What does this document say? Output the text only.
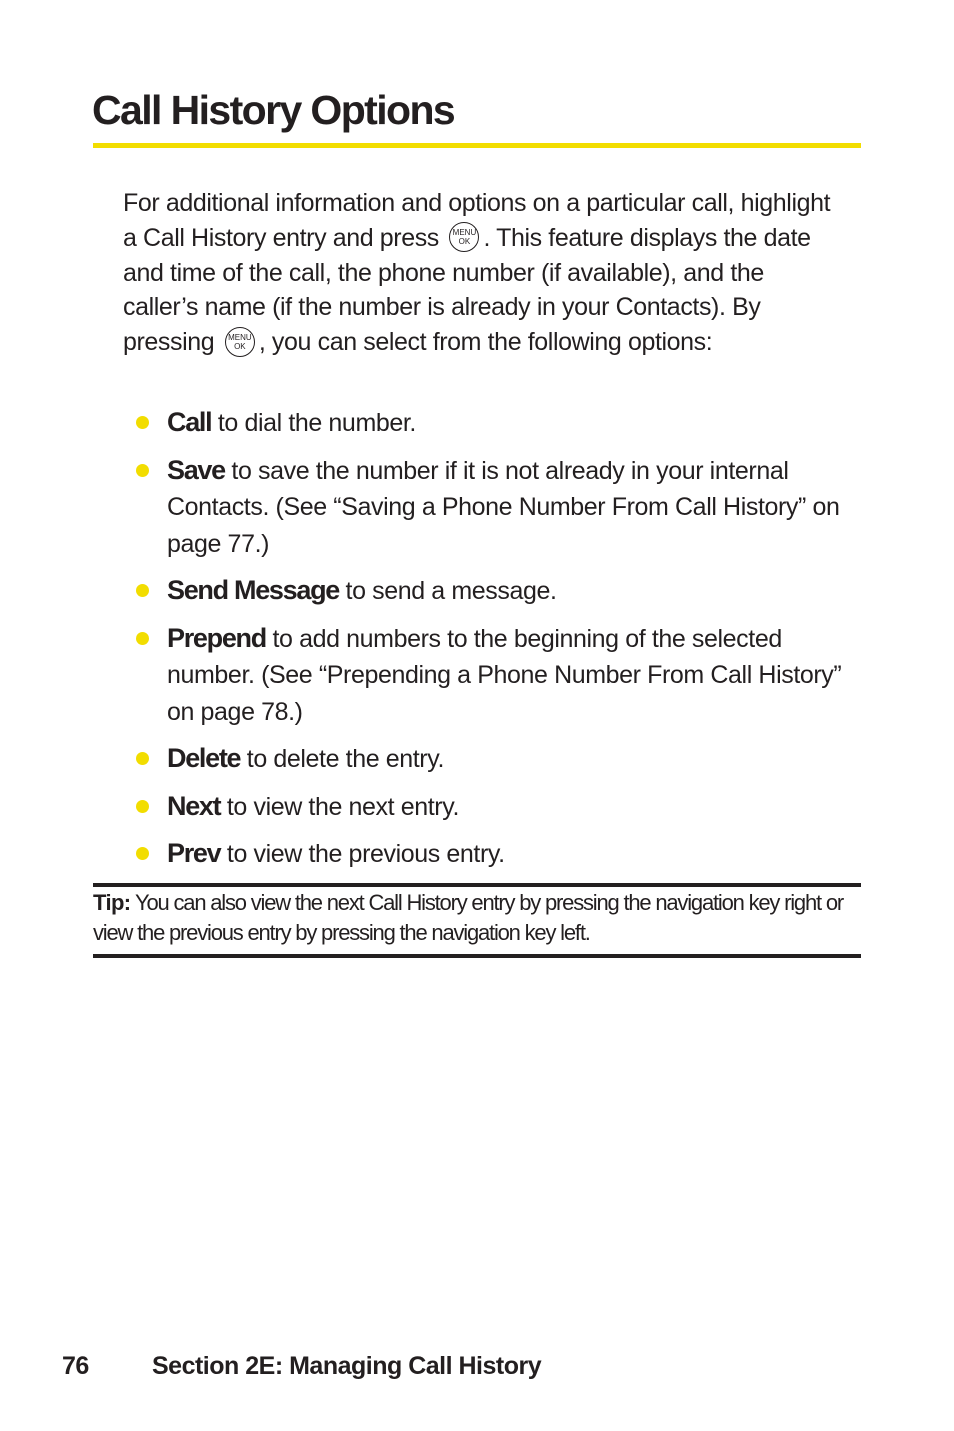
Call History Options

For additional information and options on a particular call, highlight a Call History entry and press MENU
OK . This feature displays the date and time of the call, the phone number (if available), and the caller’s name (if the number is already in your Contacts). By pressing MENU
OK , you can select from the following options:

Call to dial the number.
Save to save the number if it is not already in your internal Contacts. (See “Saving a Phone Number From Call History” on page 77.)
Send Message to send a message.
Prepend to add numbers to the beginning of the selected number. (See “Prepending a Phone Number From Call History” on page 78.)
Delete to delete the entry.
Next to view the next entry.
Prev to view the previous entry.

Tip: You can also view the next Call History entry by pressing the navigation key right or view the previous entry by pressing the navigation key left.

76	Section 2E: Managing Call History
